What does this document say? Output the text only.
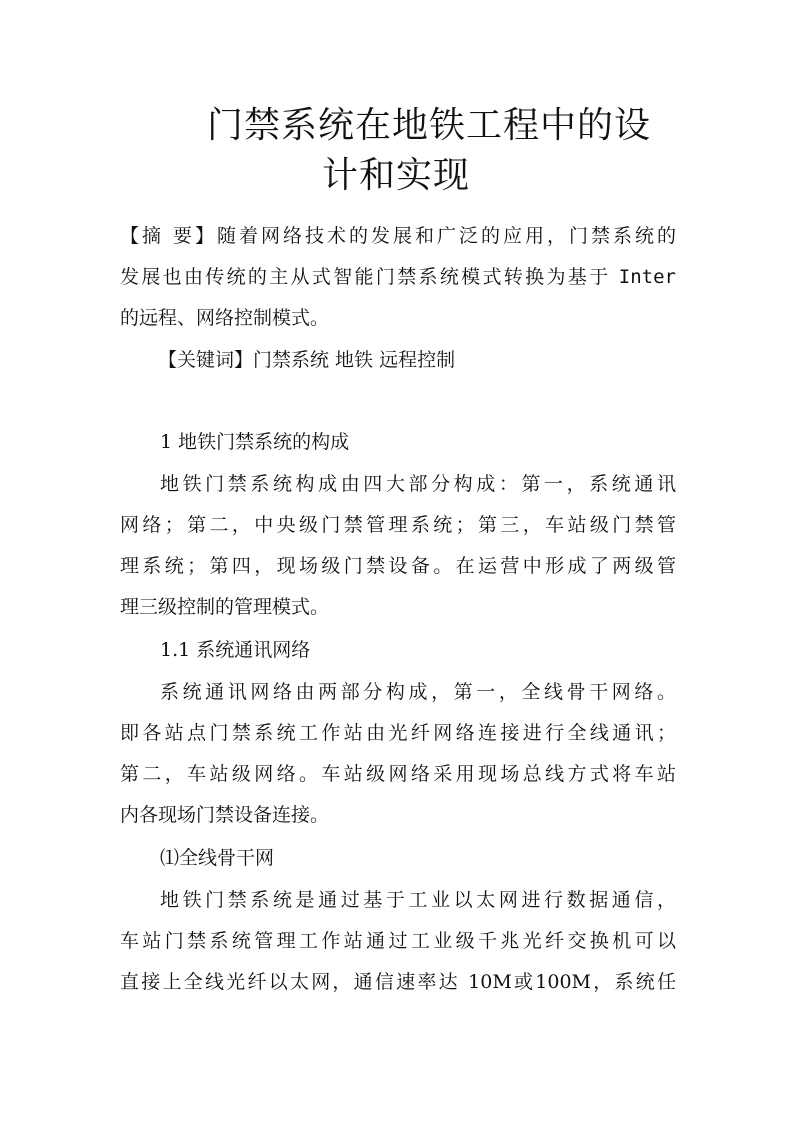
门禁系统在地铁工程中的设
计和实现
【摘 要】随着网络技术的发展和广泛的应用，门禁系统的
发展也由传统的主从式智能门禁系统模式转换为基于 Inter
的远程、网络控制模式。
【关键词】门禁系统 地铁 远程控制
1 地铁门禁系统的构成
地铁门禁系统构成由四大部分构成：第一，系统通讯
网络；第二，中央级门禁管理系统；第三，车站级门禁管
理系统；第四，现场级门禁设备。在运营中形成了两级管
理三级控制的管理模式。
1.1 系统通讯网络
系统通讯网络由两部分构成，第一，全线骨干网络。
即各站点门禁系统工作站由光纤网络连接进行全线通讯；
第二，车站级网络。车站级网络采用现场总线方式将车站
内各现场门禁设备连接。
⑴全线骨干网
地铁门禁系统是通过基于工业以太网进行数据通信，
车站门禁系统管理工作站通过工业级千兆光纤交换机可以
直接上全线光纤以太网，通信速率达 10M或100M，系统任
